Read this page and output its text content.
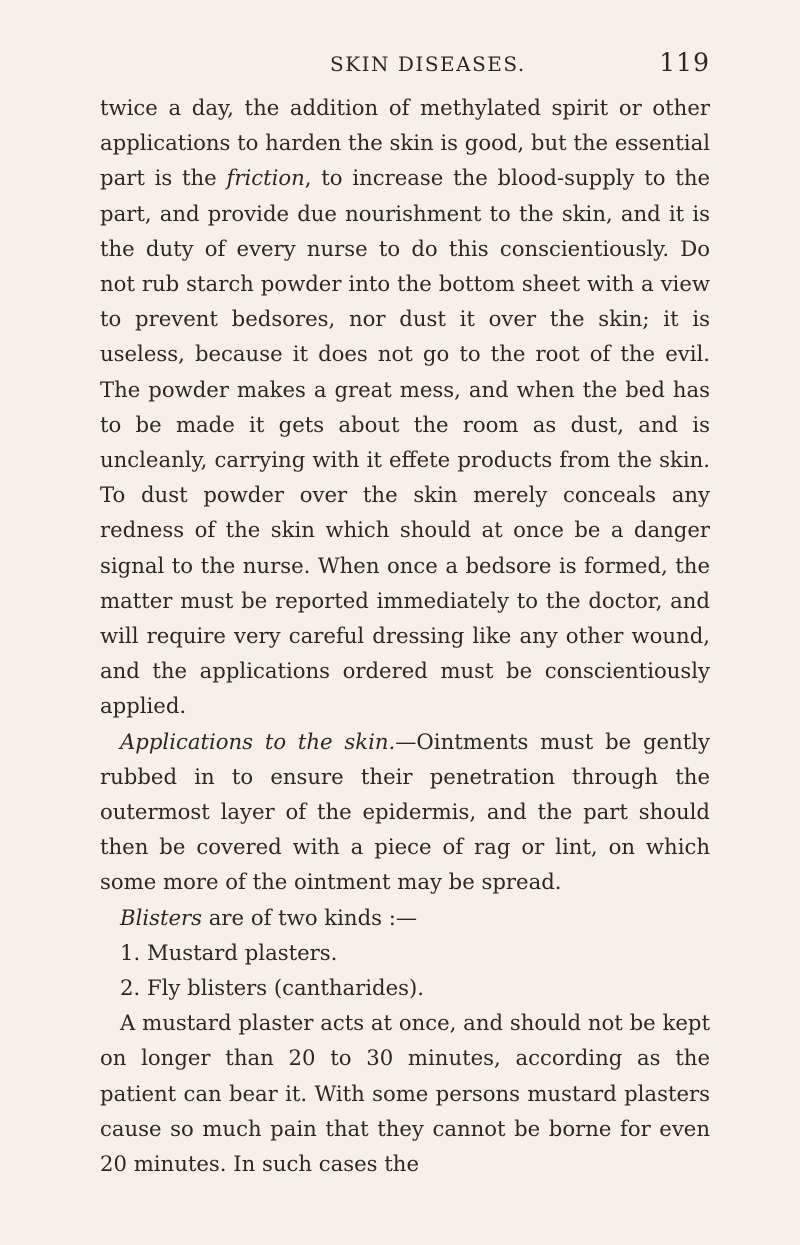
SKIN DISEASES.	119

twice a day, the addition of methylated spirit or other applications to harden the skin is good, but the essential part is the friction, to increase the blood-supply to the part, and provide due nourishment to the skin, and it is the duty of every nurse to do this conscientiously. Do not rub starch powder into the bottom sheet with a view to prevent bedsores, nor dust it over the skin; it is useless, because it does not go to the root of the evil. The powder makes a great mess, and when the bed has to be made it gets about the room as dust, and is uncleanly, carrying with it effete products from the skin. To dust powder over the skin merely conceals any redness of the skin which should at once be a danger signal to the nurse. When once a bedsore is formed, the matter must be reported immediately to the doctor, and will require very careful dressing like any other wound, and the applications ordered must be conscientiously applied.

Applications to the skin.—Ointments must be gently rubbed in to ensure their penetration through the outermost layer of the epidermis, and the part should then be covered with a piece of rag or lint, on which some more of the ointment may be spread.

Blisters are of two kinds :—

1. Mustard plasters.

2. Fly blisters (cantharides).

A mustard plaster acts at once, and should not be kept on longer than 20 to 30 minutes, according as the patient can bear it. With some persons mustard plasters cause so much pain that they cannot be borne for even 20 minutes. In such cases the
